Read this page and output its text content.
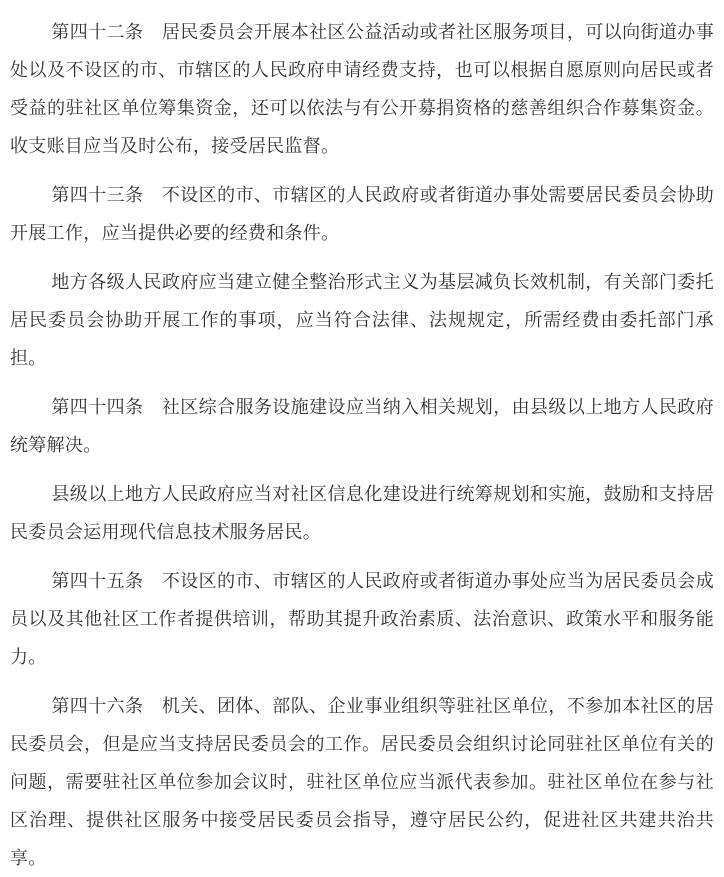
第四十二条　居民委员会开展本社区公益活动或者社区服务项目，可以向街道办事处以及不设区的市、市辖区的人民政府申请经费支持，也可以根据自愿原则向居民或者受益的驻社区单位筹集资金，还可以依法与有公开募捐资格的慈善组织合作募集资金。收支账目应当及时公布，接受居民监督。

第四十三条　不设区的市、市辖区的人民政府或者街道办事处需要居民委员会协助开展工作，应当提供必要的经费和条件。

地方各级人民政府应当建立健全整治形式主义为基层减负长效机制，有关部门委托居民委员会协助开展工作的事项，应当符合法律、法规规定，所需经费由委托部门承担。

第四十四条　社区综合服务设施建设应当纳入相关规划，由县级以上地方人民政府统筹解决。

县级以上地方人民政府应当对社区信息化建设进行统筹规划和实施，鼓励和支持居民委员会运用现代信息技术服务居民。

第四十五条　不设区的市、市辖区的人民政府或者街道办事处应当为居民委员会成员以及其他社区工作者提供培训，帮助其提升政治素质、法治意识、政策水平和服务能力。

第四十六条　机关、团体、部队、企业事业组织等驻社区单位，不参加本社区的居民委员会，但是应当支持居民委员会的工作。居民委员会组织讨论同驻社区单位有关的问题，需要驻社区单位参加会议时，驻社区单位应当派代表参加。驻社区单位在参与社区治理、提供社区服务中接受居民委员会指导，遵守居民公约，促进社区共建共治共享。
